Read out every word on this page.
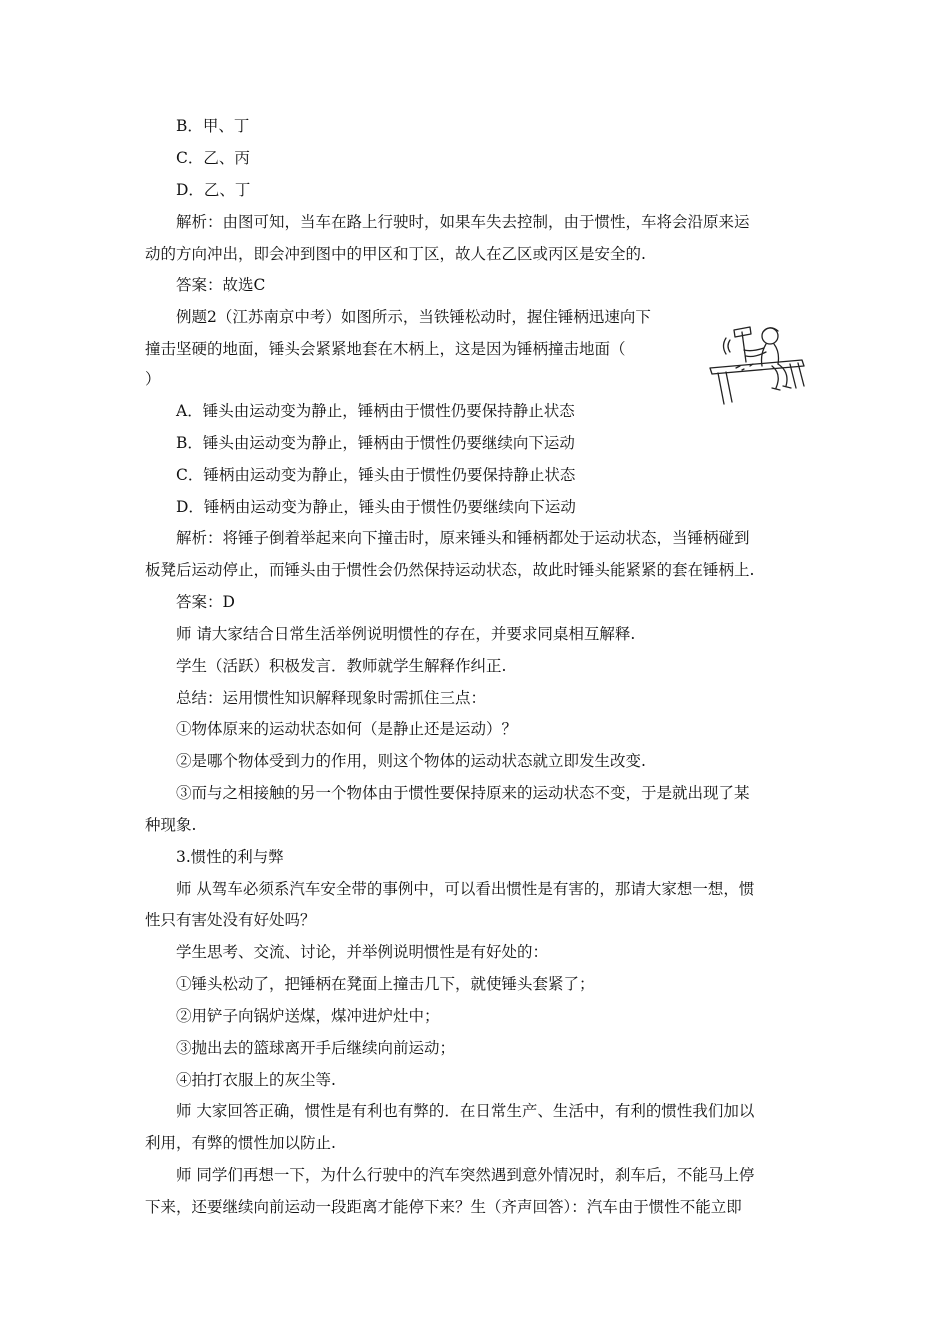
B．甲、丁
C．乙、丙
D．乙、丁
解析：由图可知，当车在路上行驶时，如果车失去控制，由于惯性，车将会沿原来运
动的方向冲出，即会冲到图中的甲区和丁区，故人在乙区或丙区是安全的.
答案：故选C
例题2（江苏南京中考）如图所示，当铁锤松动时，握住锤柄迅速向下
撞击坚硬的地面，锤头会紧紧地套在木柄上，这是因为锤柄撞击地面（
）
A．锤头由运动变为静止，锤柄由于惯性仍要保持静止状态
B．锤头由运动变为静止，锤柄由于惯性仍要继续向下运动
C．锤柄由运动变为静止，锤头由于惯性仍要保持静止状态
D．锤柄由运动变为静止，锤头由于惯性仍要继续向下运动
解析：将锤子倒着举起来向下撞击时，原来锤头和锤柄都处于运动状态，当锤柄碰到
板凳后运动停止，而锤头由于惯性会仍然保持运动状态，故此时锤头能紧紧的套在锤柄上.
答案：D
师 请大家结合日常生活举例说明惯性的存在，并要求同桌相互解释.
学生（活跃）积极发言．教师就学生解释作纠正.
总结：运用惯性知识解释现象时需抓住三点：
①物体原来的运动状态如何（是静止还是运动）？
②是哪个物体受到力的作用，则这个物体的运动状态就立即发生改变.
③而与之相接触的另一个物体由于惯性要保持原来的运动状态不变，于是就出现了某
种现象.
3.惯性的利与弊
师 从驾车必须系汽车安全带的事例中，可以看出惯性是有害的，那请大家想一想，惯
性只有害处没有好处吗？
学生思考、交流、讨论，并举例说明惯性是有好处的：
①锤头松动了，把锤柄在凳面上撞击几下，就使锤头套紧了；
②用铲子向锅炉送煤，煤冲进炉灶中；
③抛出去的篮球离开手后继续向前运动；
④拍打衣服上的灰尘等.
师 大家回答正确，惯性是有利也有弊的．在日常生产、生活中，有利的惯性我们加以
利用，有弊的惯性加以防止.
师 同学们再想一下，为什么行驶中的汽车突然遇到意外情况时，刹车后，不能马上停
下来，还要继续向前运动一段距离才能停下来？生（齐声回答）：汽车由于惯性不能立即
